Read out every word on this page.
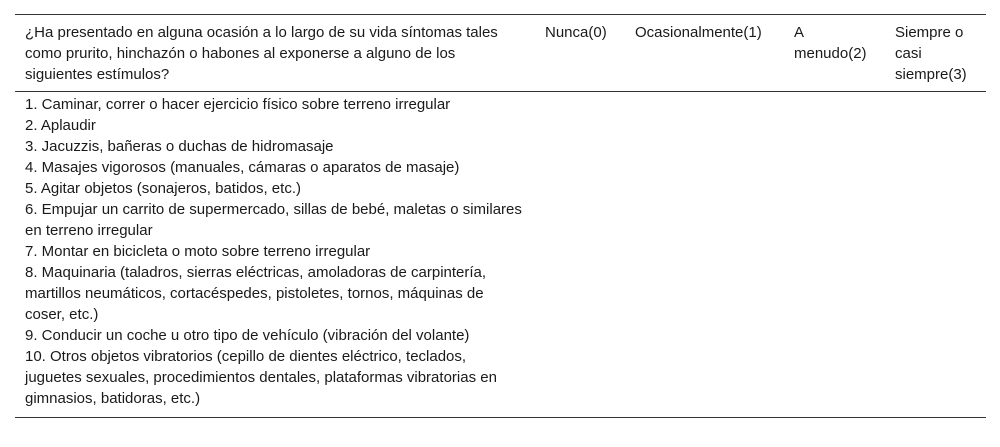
¿Ha presentado en alguna ocasión a lo largo de su vida síntomas tales como prurito, hinchazón o habones al exponerse a alguno de los siguientes estímulos?	Nunca(0)	Ocasionalmente(1)	A menudo(2)	Siempre o casi siempre(3)
1. Caminar, correr o hacer ejercicio físico sobre terreno irregular				
2. Aplaudir				
3. Jacuzzis, bañeras o duchas de hidromasaje				
4. Masajes vigorosos (manuales, cámaras o aparatos de masaje)				
5. Agitar objetos (sonajeros, batidos, etc.)				
6. Empujar un carrito de supermercado, sillas de bebé, maletas o similares en terreno irregular				
7. Montar en bicicleta o moto sobre terreno irregular				
8. Maquinaria (taladros, sierras eléctricas, amoladoras de carpintería, martillos neumáticos, cortacéspedes, pistoletes, tornos, máquinas de coser, etc.)				
9. Conducir un coche u otro tipo de vehículo (vibración del volante)				
10. Otros objetos vibratorios (cepillo de dientes eléctrico, teclados, juguetes sexuales, procedimientos dentales, plataformas vibratorias en gimnasios, batidoras, etc.)				
